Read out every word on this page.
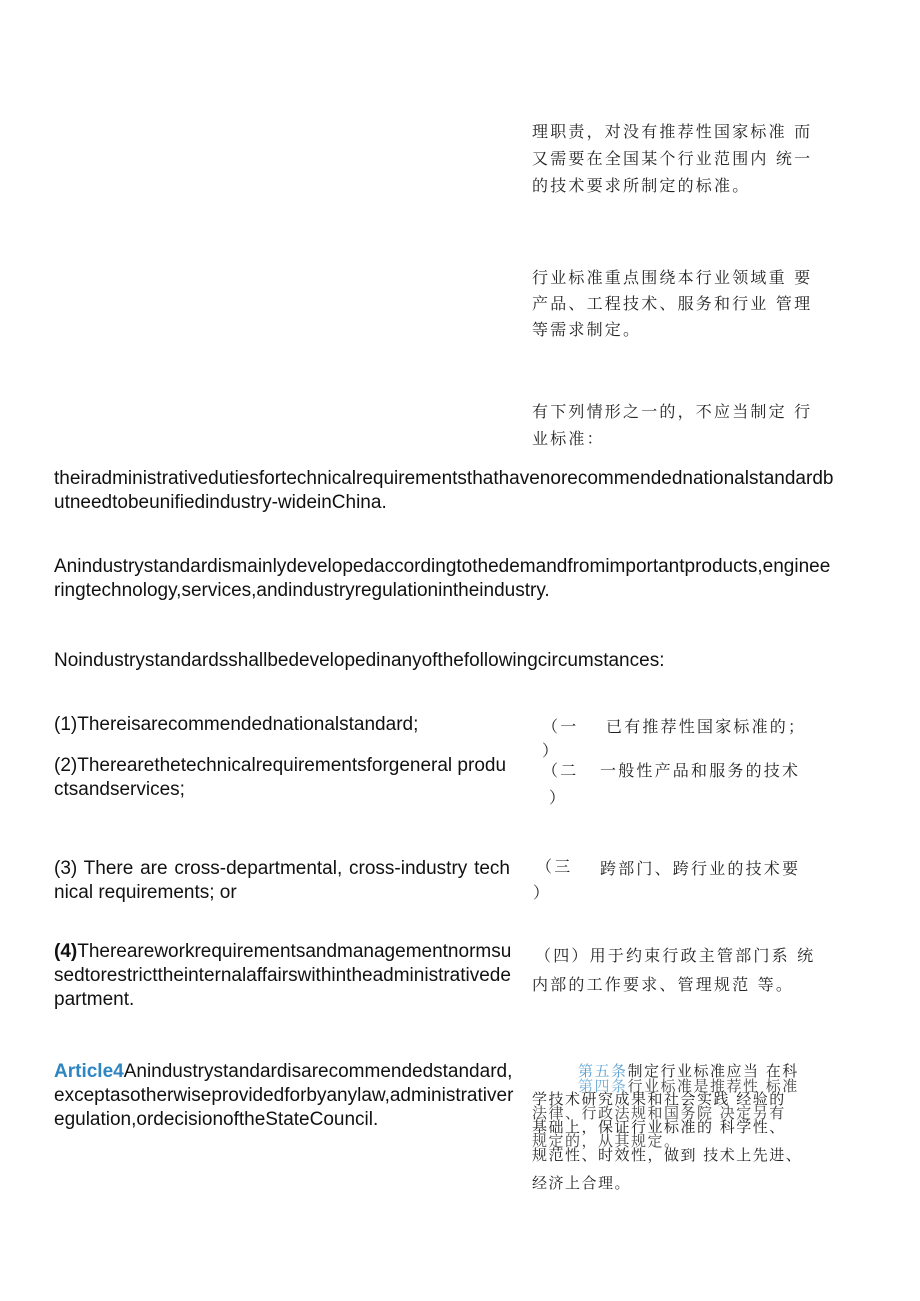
理职责，对没有推荐性国家标准 而
又需要在全国某个行业范围内 统一
的技术要求所制定的标准。
行业标准重点围绕本行业领域重 要
产品、工程技术、服务和行业 管理
等需求制定。
有下列情形之一的，不应当制定 行
业标准：
theiradministrativedutiesfortechnicalrequirementsthathavenorecommendednationalstandardbutneedtobeunifiedindustry-wideinChina.
Anindustrystandardismainlydevelopedaccordingtothedemandfromimportantproducts,engineeringtechnology,services,andindustryregulationintheindustry.
Noindustrystandardsshallbedevelopedinanyofthefollowingcircumstances:
(1)Thereisarecommendednationalstandard;
(2)Therearethetechnicalrequirementsforgeneral productsandservices;
(3) There are cross-departmental, cross-industry technical requirements; or
(4)Thereareworkrequirementsandmanagementnormsusedtorestricttheinternalaffairswithintheadministrativedepartment.
（一 已有推荐性国家标准的；
）
（二 一般性产品和服务的技术
）
（三 跨部门、跨行业的技术要
）
（四）用于约束行政主管部门系 统
内部的工作要求、管理规范 等。
Article4Anindustrystandardisarecommendedstandard,exceptasotherwiseprovidedforbyanylaw,administrativeregulation,ordecisionoftheStateCouncil.
第五条制定行业标准应当 在科
学技术研究成果和社会实践 经验的
基础上，保证行业标准的 科学性、
规范性、时效性，做到 技术上先进、
经济上合理。
第四条行业标准是推荐性 标准
法律、行政法规和国务院 决定另有
规定的，从其规定。
